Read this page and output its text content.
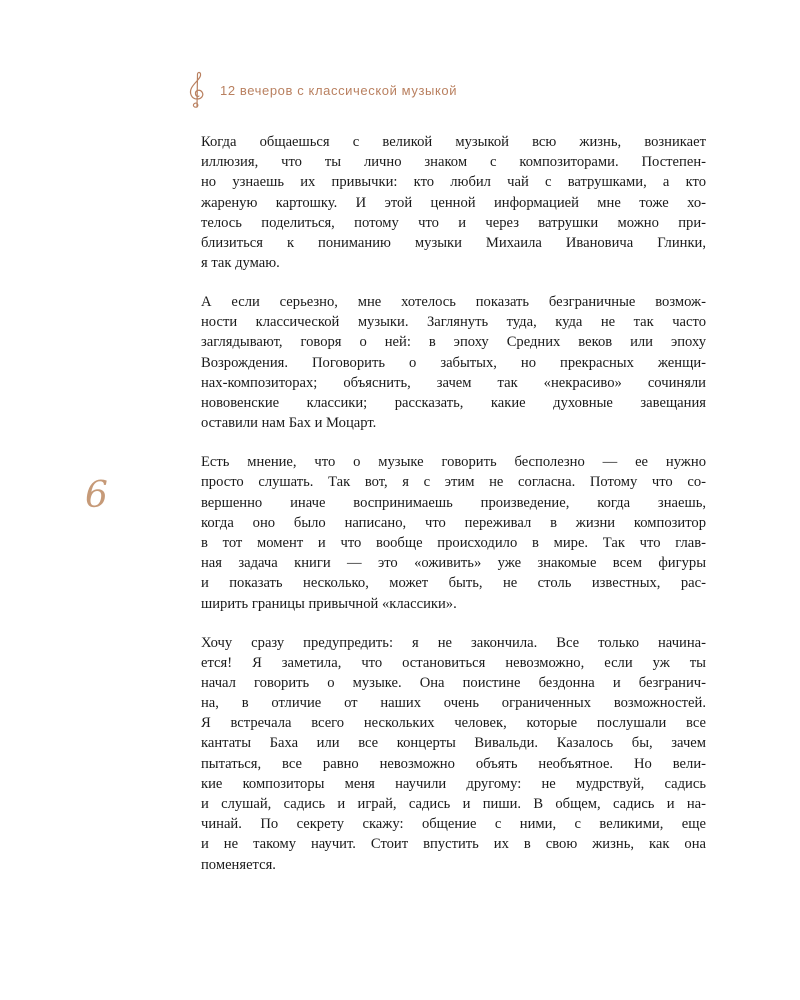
12 вечеров с классической музыкой
6
Когда общаешься с великой музыкой всю жизнь, возникает
иллюзия, что ты лично знаком с композиторами. Постепен-
но узнаешь их привычки: кто любил чай с ватрушками, а кто
жареную картошку. И этой ценной информацией мне тоже хо-
телось поделиться, потому что и через ватрушки можно при-
близиться к пониманию музыки Михаила Ивановича Глинки,
я так думаю.
А если серьезно, мне хотелось показать безграничные возмож-
ности классической музыки. Заглянуть туда, куда не так часто
заглядывают, говоря о ней: в эпоху Средних веков или эпоху
Возрождения. Поговорить о забытых, но прекрасных женщи-
нах-композиторах; объяснить, зачем так «некрасиво» сочиняли
нововенские классики; рассказать, какие духовные завещания
оставили нам Бах и Моцарт.
Есть мнение, что о музыке говорить бесполезно — ее нужно
просто слушать. Так вот, я с этим не согласна. Потому что со-
вершенно иначе воспринимаешь произведение, когда знаешь,
когда оно было написано, что переживал в жизни композитор
в тот момент и что вообще происходило в мире. Так что глав-
ная задача книги — это «оживить» уже знакомые всем фигуры
и показать несколько, может быть, не столь известных, рас-
ширить границы привычной «классики».
Хочу сразу предупредить: я не закончила. Все только начина-
ется! Я заметила, что остановиться невозможно, если уж ты
начал говорить о музыке. Она поистине бездонна и безгранич-
на, в отличие от наших очень ограниченных возможностей.
Я встречала всего нескольких человек, которые послушали все
кантаты Баха или все концерты Вивальди. Казалось бы, зачем
пытаться, все равно невозможно объять необъятное. Но вели-
кие композиторы меня научили другому: не мудрствуй, садись
и слушай, садись и играй, садись и пиши. В общем, садись и на-
чинай. По секрету скажу: общение с ними, с великими, еще
и не такому научит. Стоит впустить их в свою жизнь, как она
поменяется.
